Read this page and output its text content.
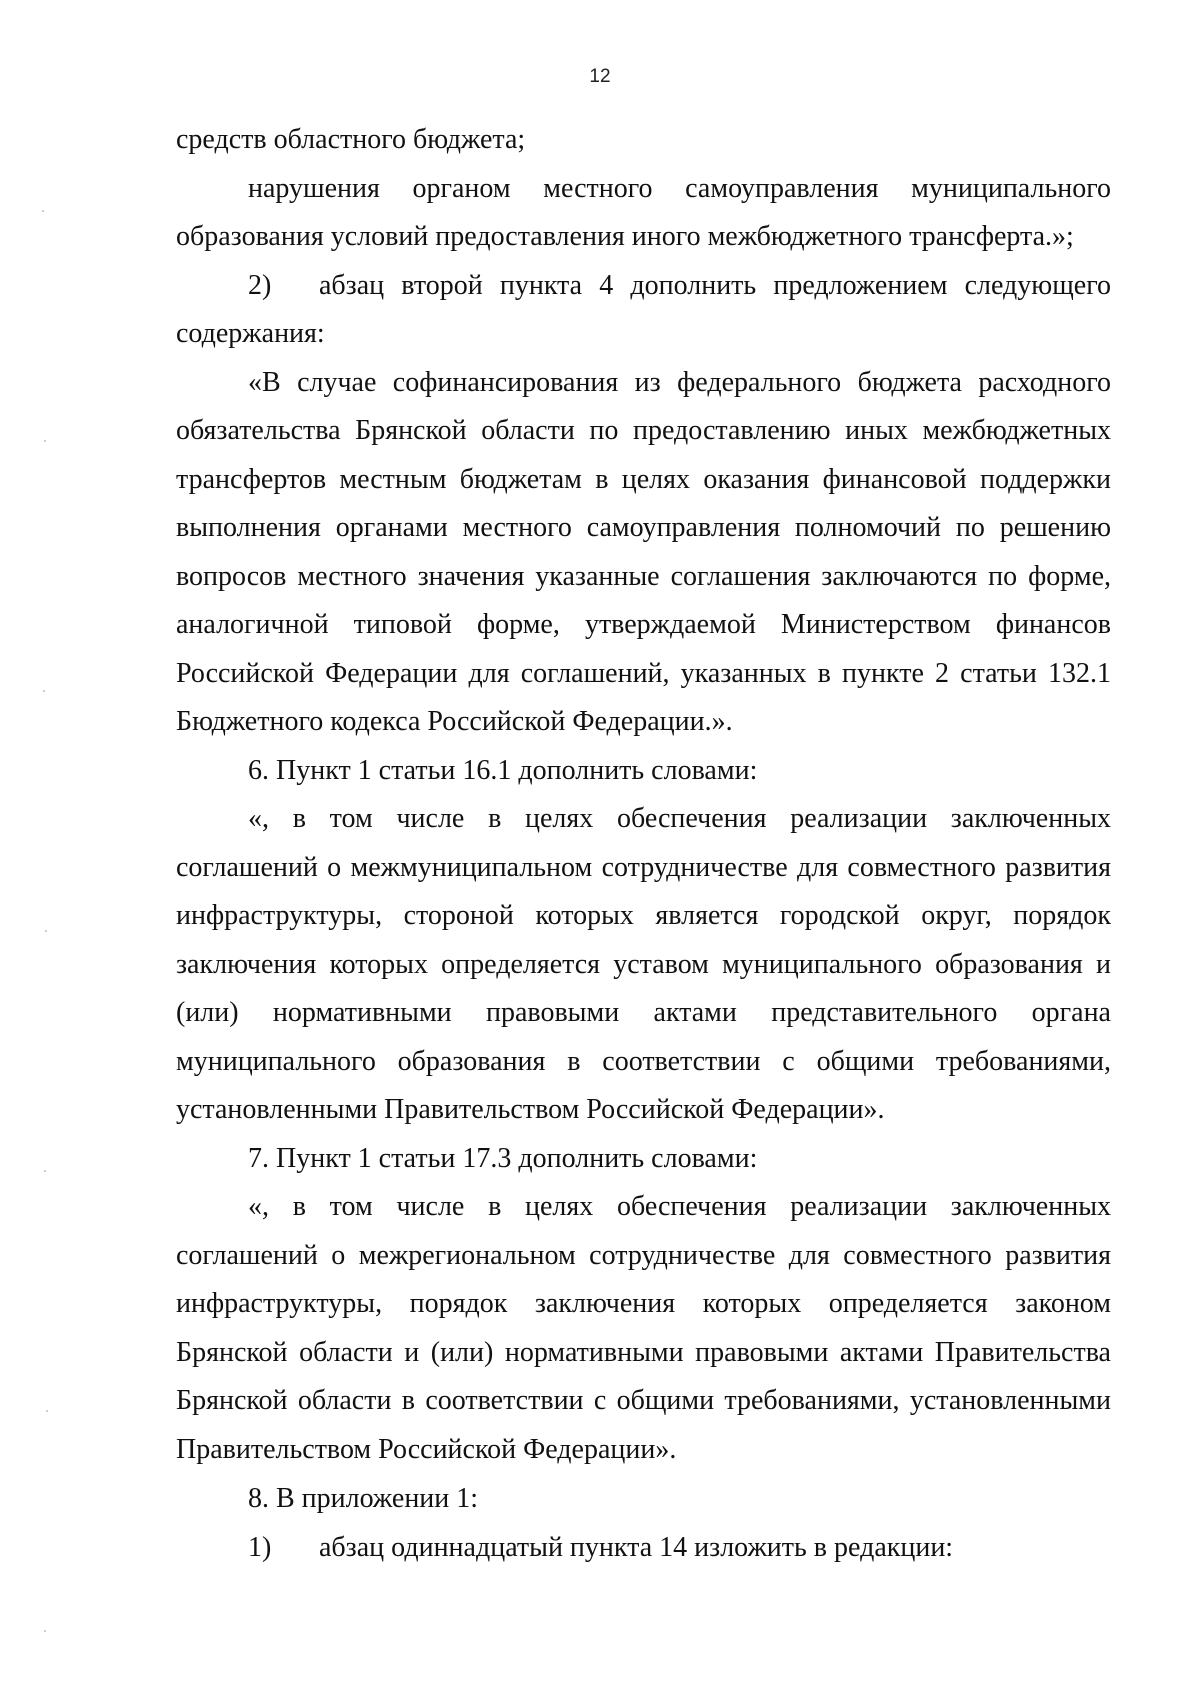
12

средств областного бюджета;

нарушения органом местного самоуправления муниципального образования условий предоставления иного межбюджетного трансферта.»;

2) абзац второй пункта 4 дополнить предложением следующего содержания:

«В случае софинансирования из федерального бюджета расходного обязательства Брянской области по предоставлению иных межбюджетных трансфертов местным бюджетам в целях оказания финансовой поддержки выполнения органами местного самоуправления полномочий по решению вопросов местного значения указанные соглашения заключаются по форме, аналогичной типовой форме, утверждаемой Министерством финансов Российской Федерации для соглашений, указанных в пункте 2 статьи 132.1 Бюджетного кодекса Российской Федерации.».

6. Пункт 1 статьи 16.1 дополнить словами:

«, в том числе в целях обеспечения реализации заключенных соглашений о межмуниципальном сотрудничестве для совместного развития инфраструктуры, стороной которых является городской округ, порядок заключения которых определяется уставом муниципального образования и (или) нормативными правовыми актами представительного органа муниципального образования в соответствии с общими требованиями, установленными Правительством Российской Федерации».

7. Пункт 1 статьи 17.3 дополнить словами:

«, в том числе в целях обеспечения реализации заключенных соглашений о межрегиональном сотрудничестве для совместного развития инфраструктуры, порядок заключения которых определяется законом Брянской области и (или) нормативными правовыми актами Правительства Брянской области в соответствии с общими требованиями, установленными Правительством Российской Федерации».

8. В приложении 1:

1) абзац одиннадцатый пункта 14 изложить в редакции:
